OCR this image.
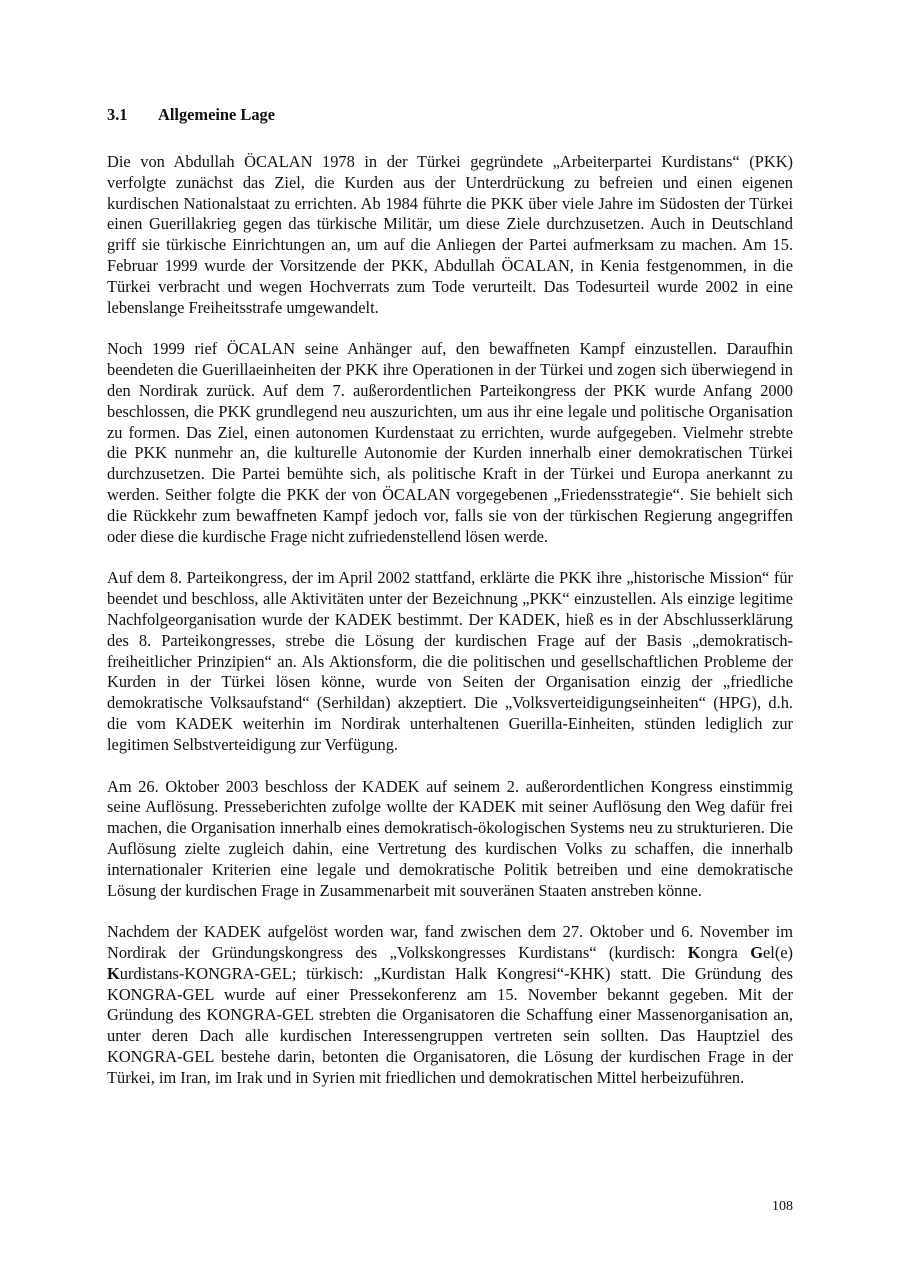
3.1 Allgemeine Lage

Die von Abdullah ÖCALAN 1978 in der Türkei gegründete „Arbeiterpartei Kurdistans“ (PKK) verfolgte zunächst das Ziel, die Kurden aus der Unterdrückung zu befreien und einen eigenen kurdischen Nationalstaat zu errichten. Ab 1984 führte die PKK über viele Jahre im Südosten der Türkei einen Guerillakrieg gegen das türkische Militär, um diese Ziele durchzusetzen. Auch in Deutschland griff sie türkische Einrichtungen an, um auf die Anliegen der Partei aufmerksam zu machen. Am 15. Februar 1999 wurde der Vorsitzende der PKK, Abdullah ÖCALAN, in Kenia festgenommen, in die Türkei verbracht und wegen Hochverrats zum Tode verurteilt. Das Todesurteil wurde 2002 in eine lebenslange Freiheitsstrafe umgewandelt.

Noch 1999 rief ÖCALAN seine Anhänger auf, den bewaffneten Kampf einzustellen. Daraufhin beendeten die Guerillaeinheiten der PKK ihre Operationen in der Türkei und zogen sich überwiegend in den Nordirak zurück. Auf dem 7. außerordentlichen Parteikongress der PKK wurde Anfang 2000 beschlossen, die PKK grundlegend neu auszurichten, um aus ihr eine legale und politische Organisation zu formen. Das Ziel, einen autonomen Kurdenstaat zu errichten, wurde aufgegeben. Vielmehr strebte die PKK nunmehr an, die kulturelle Autonomie der Kurden innerhalb einer demokratischen Türkei durchzusetzen. Die Partei bemühte sich, als politische Kraft in der Türkei und Europa anerkannt zu werden. Seither folgte die PKK der von ÖCALAN vorgegebenen „Friedensstrategie“. Sie behielt sich die Rückkehr zum bewaffneten Kampf jedoch vor, falls sie von der türkischen Regierung angegriffen oder diese die kurdische Frage nicht zufriedenstellend lösen werde.

Auf dem 8. Parteikongress, der im April 2002 stattfand, erklärte die PKK ihre „historische Mission“ für beendet und beschloss, alle Aktivitäten unter der Bezeichnung „PKK“ einzustellen. Als einzige legitime Nachfolgeorganisation wurde der KADEK bestimmt. Der KADEK, hieß es in der Abschlusserklärung des 8. Parteikongresses, strebe die Lösung der kurdischen Frage auf der Basis „demokratisch-freiheitlicher Prinzipien“ an. Als Aktionsform, die die politischen und gesellschaftlichen Probleme der Kurden in der Türkei lösen könne, wurde von Seiten der Organisation einzig der „friedliche demokratische Volksaufstand“ (Serhildan) akzeptiert. Die „Volksverteidigungseinheiten“ (HPG), d.h. die vom KADEK weiterhin im Nordirak unterhaltenen Guerilla-Einheiten, stünden lediglich zur legitimen Selbstverteidigung zur Verfügung.

Am 26. Oktober 2003 beschloss der KADEK auf seinem 2. außerordentlichen Kongress einstimmig seine Auflösung. Presseberichten zufolge wollte der KADEK mit seiner Auflösung den Weg dafür frei machen, die Organisation innerhalb eines demokratisch-ökologischen Systems neu zu strukturieren. Die Auflösung zielte zugleich dahin, eine Vertretung des kurdischen Volks zu schaffen, die innerhalb internationaler Kriterien eine legale und demokratische Politik betreiben und eine demokratische Lösung der kurdischen Frage in Zusammenarbeit mit souveränen Staaten anstreben könne.

Nachdem der KADEK aufgelöst worden war, fand zwischen dem 27. Oktober und 6. November im Nordirak der Gründungskongress des „Volkskongresses Kurdistans“ (kurdisch: Kongra Gel(e) Kurdistans-KONGRA-GEL; türkisch: „Kurdistan Halk Kongresi“-KHK) statt. Die Gründung des KONGRA-GEL wurde auf einer Pressekonferenz am 15. November bekannt gegeben. Mit der Gründung des KONGRA-GEL strebten die Organisatoren die Schaffung einer Massenorganisation an, unter deren Dach alle kurdischen Interessengruppen vertreten sein sollten. Das Hauptziel des KONGRA-GEL bestehe darin, betonten die Organisatoren, die Lösung der kurdischen Frage in der Türkei, im Iran, im Irak und in Syrien mit friedlichen und demokratischen Mittel herbeizuführen.

108
